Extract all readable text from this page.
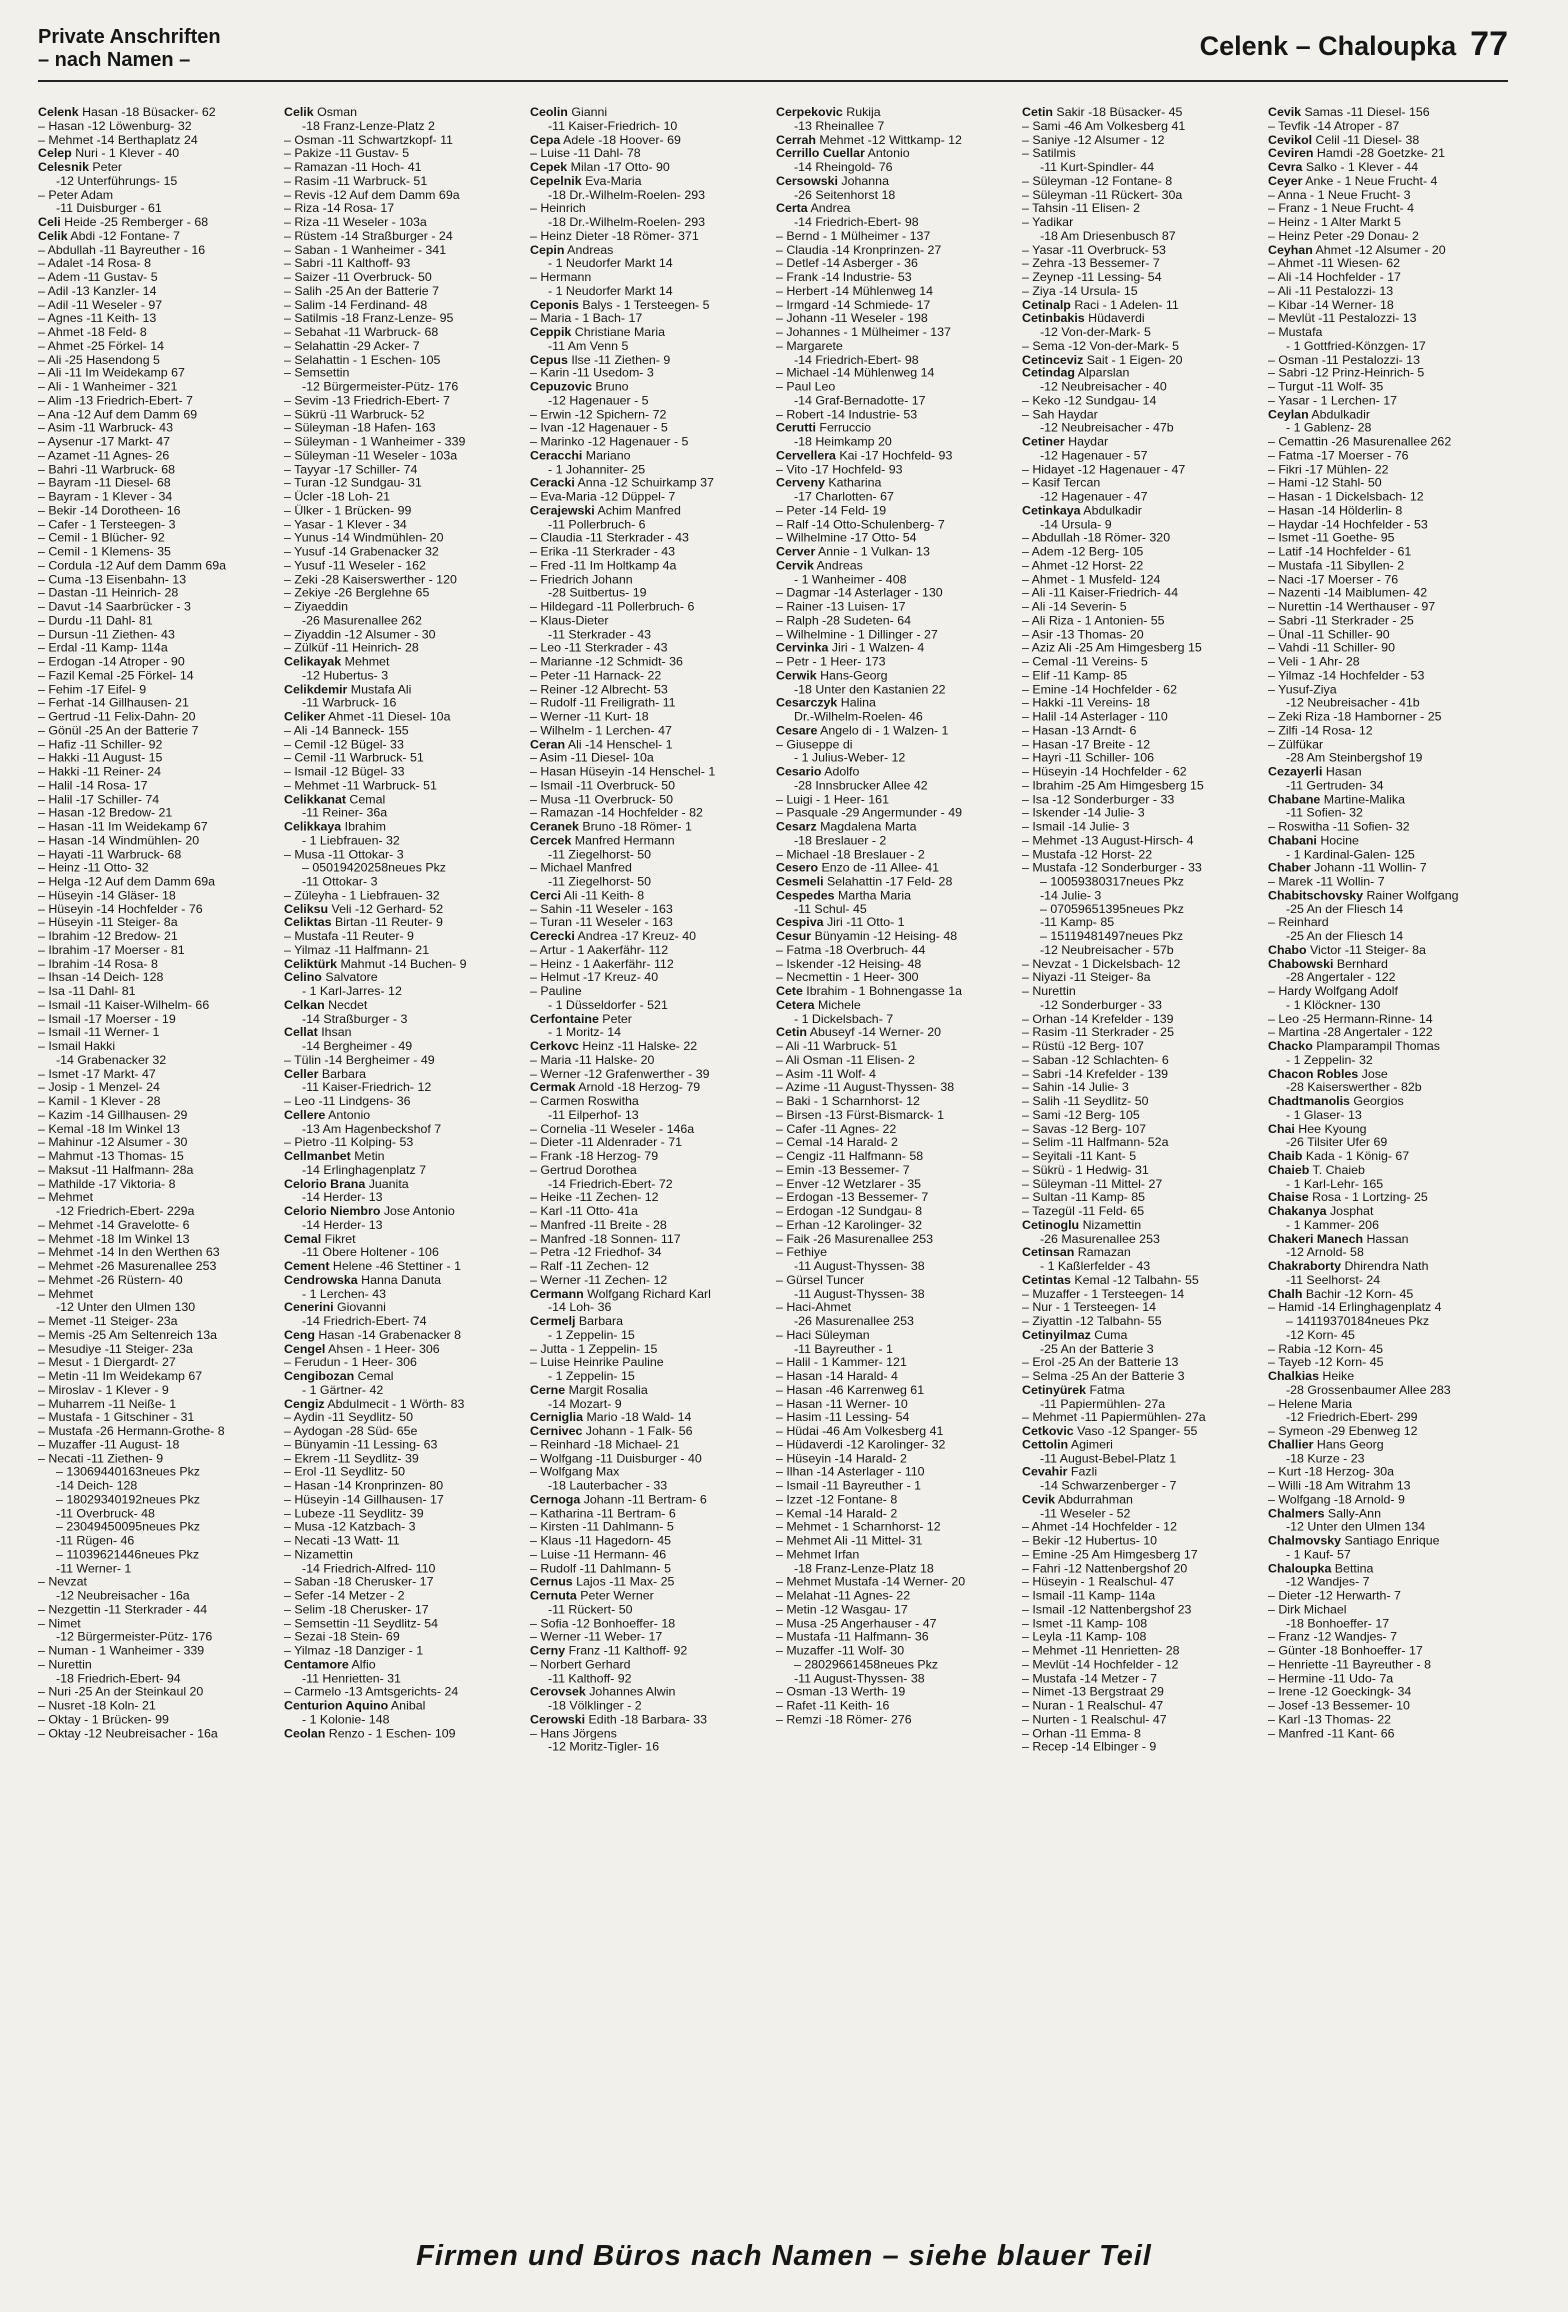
Private Anschriften
– nach Namen –	Celenk – Chaloupka 77
Celenk Hasan -18 Büsacker- 62
– Hasan -12 Löwenburg- 32
– Mehmet -14 Berthaplatz 24
Celep Nuri - 1 Klever - 40
Celesnik Peter
-12 Unterführungs- 15
– Peter Adam
-11 Duisburger - 61
Celi Heide -25 Remberger - 68
Celik Abdi -12 Fontane- 7
– Abdullah -11 Bayreuther - 16
– Adalet -14 Rosa- 8
– Adem -11 Gustav- 5
– Adil -13 Kanzler- 14
– Adil -11 Weseler - 97
– Agnes -11 Keith- 13
– Ahmet -18 Feld- 8
– Ahmet -25 Förkel- 14
– Ali -25 Hasendong 5
– Ali -11 Im Weidekamp 67
– Ali - 1 Wanheimer - 321
– Alim -13 Friedrich-Ebert- 7
– Ana -12 Auf dem Damm 69
– Asim -11 Warbruck- 43
– Aysenur -17 Markt- 47
– Azamet -11 Agnes- 26
– Bahri -11 Warbruck- 68
– Bayram -11 Diesel- 68
– Bayram - 1 Klever - 34
– Bekir -14 Dorotheen- 16
– Cafer - 1 Tersteegen- 3
– Cemil - 1 Blücher- 92
– Cemil - 1 Klemens- 35
– Cordula -12 Auf dem Damm 69a
– Cuma -13 Eisenbahn- 13
– Dastan -11 Heinrich- 28
– Davut -14 Saarbrücker - 3
– Durdu -11 Dahl- 81
– Dursun -11 Ziethen- 43
– Erdal -11 Kamp- 114a
– Erdogan -14 Atroper - 90
– Fazil Kemal -25 Förkel- 14
– Fehim -17 Eifel- 9
– Ferhat -14 Gillhausen- 21
– Gertrud -11 Felix-Dahn- 20
– Gönül -25 An der Batterie 7
– Hafiz -11 Schiller- 92
– Hakki -11 August- 15
– Hakki -11 Reiner- 24
– Halil -14 Rosa- 17
– Halil -17 Schiller- 74
– Hasan -12 Bredow- 21
– Hasan -11 Im Weidekamp 67
– Hasan -14 Windmühlen- 20
– Hayati -11 Warbruck- 68
– Heinz -11 Otto- 32
– Helga -12 Auf dem Damm 69a
– Hüseyin -14 Gläser- 18
– Hüseyin -14 Hochfelder - 76
– Hüseyin -11 Steiger- 8a
– Ibrahim -12 Bredow- 21
– Ibrahim -17 Moerser - 81
– Ibrahim -14 Rosa- 8
– Ihsan -14 Deich- 128
– Isa -11 Dahl- 81
– Ismail -11 Kaiser-Wilhelm- 66
– Ismail -17 Moerser - 19
– Ismail -11 Werner- 1
– Ismail Hakki
-14 Grabenacker 32
– Ismet -17 Markt- 47
– Josip - 1 Menzel- 24
– Kamil - 1 Klever - 28
– Kazim -14 Gillhausen- 29
– Kemal -18 Im Winkel 13
– Mahinur -12 Alsumer - 30
– Mahmut -13 Thomas- 15
– Maksut -11 Halfmann- 28a
– Mathilde -17 Viktoria- 8
– Mehmet
-12 Friedrich-Ebert- 229a
– Mehmet -14 Gravelotte- 6
– Mehmet -18 Im Winkel 13
– Mehmet -14 In den Werthen 63
– Mehmet -26 Masurenallee 253
– Mehmet -26 Rüstern- 40
– Mehmet
-12 Unter den Ulmen 130
– Memet -11 Steiger- 23a
– Memis -25 Am Seltenreich 13a
– Mesudiye -11 Steiger- 23a
– Mesut - 1 Diergardt- 27
– Metin -11 Im Weidekamp 67
– Miroslav - 1 Klever - 9
– Muharrem -11 Neiße- 1
– Mustafa - 1 Gitschiner - 31
– Mustafa -26 Hermann-Grothe- 8
– Muzaffer -11 August- 18
– Necati -11 Ziethen- 9
– 13069440163neues Pkz
-14 Deich- 128
– 18029340192neues Pkz
-11 Overbruck- 48
– 23049450095neues Pkz
-11 Rügen- 46
– 11039621446neues Pkz
-11 Werner- 1
– Nevzat
-12 Neubreisacher - 16a
– Nezgettin -11 Sterkrader - 44
– Nimet
-12 Bürgermeister-Pütz- 176
– Numan - 1 Wanheimer - 339
– Nurettin
-18 Friedrich-Ebert- 94
– Nuri -25 An der Steinkaul 20
– Nusret -18 Koln- 21
– Oktay - 1 Brücken- 99
– Oktay -12 Neubreisacher - 16a
Celik Osman
-18 Franz-Lenze-Platz 2
– Osman -11 Schwartzkopf- 11
– Pakize -11 Gustav- 5
– Ramazan -11 Hoch- 41
– Rasim -11 Warbruck- 51
– Revis -12 Auf dem Damm 69a
– Riza -14 Rosa- 17
– Riza -11 Weseler - 103a
– Rüstem -14 Straßburger - 24
– Saban - 1 Wanheimer - 341
– Sabri -11 Kalthoff- 93
– Saizer -11 Overbruck- 50
– Salih -25 An der Batterie 7
– Salim -14 Ferdinand- 48
– Satilmis -18 Franz-Lenze- 95
– Sebahat -11 Warbruck- 68
– Selahattin -29 Acker- 7
– Selahattin - 1 Eschen- 105
– Semsettin
-12 Bürgermeister-Pütz- 176
– Sevim -13 Friedrich-Ebert- 7
– Sükrü -11 Warbruck- 52
– Süleyman -18 Hafen- 163
– Süleyman - 1 Wanheimer - 339
– Süleyman -11 Weseler - 103a
– Tayyar -17 Schiller- 74
– Turan -12 Sundgau- 31
– Ücler -18 Loh- 21
– Ülker - 1 Brücken- 99
– Yasar - 1 Klever - 34
– Yunus -14 Windmühlen- 20
– Yusuf -14 Grabenacker 32
– Yusuf -11 Weseler - 162
– Zeki -28 Kaiserswerther - 120
– Zekiye -26 Berglehne 65
– Ziyaeddin
-26 Masurenallee 262
– Ziyaddin -12 Alsumer - 30
– Zülküf -11 Heinrich- 28
Celikayak Mehmet
-12 Hubertus- 3
Celikdemir Mustafa Ali
-11 Warbruck- 16
Celiker Ahmet -11 Diesel- 10a
– Ali -14 Banneck- 155
– Cemil -12 Bügel- 33
– Cemil -11 Warbruck- 51
– Ismail -12 Bügel- 33
– Mehmet -11 Warbruck- 51
Celikkanat Cemal
-11 Reiner- 36a
Celikkaya Ibrahim
- 1 Liebfrauen- 32
– Musa -11 Ottokar- 3
– 05019420258neues Pkz
-11 Ottokar- 3
– Züleyha - 1 Liebfrauen- 32
Celiksu Veli -12 Gerhard- 52
Celiktas Birtan -11 Reuter- 9
– Mustafa -11 Reuter- 9
– Yilmaz -11 Halfmann- 21
Celiktürk Mahmut -14 Buchen- 9
Celino Salvatore
- 1 Karl-Jarres- 12
Celkan Necdet
-14 Straßburger - 3
Cellat Ihsan
-14 Bergheimer - 49
– Tülin -14 Bergheimer - 49
Celler Barbara
-11 Kaiser-Friedrich- 12
– Leo -11 Lindgens- 36
Cellere Antonio
-13 Am Hagenbeckshof 7
– Pietro -11 Kolping- 53
Cellmanbet Metin
-14 Erlinghagenplatz 7
Celorio Brana Juanita
-14 Herder- 13
Celorio Niembro Jose Antonio
-14 Herder- 13
Cemal Fikret
-11 Obere Holtener - 106
Cement Helene -46 Stettiner - 1
Cendrowska Hanna Danuta
- 1 Lerchen- 43
Cenerini Giovanni
-14 Friedrich-Ebert- 74
Ceng Hasan -14 Grabenacker 8
Cengel Ahsen - 1 Heer- 306
– Ferudun - 1 Heer- 306
Cengibozan Cemal
- 1 Gärtner- 42
Cengiz Abdulmecit - 1 Wörth- 83
– Aydin -11 Seydlitz- 50
– Aydogan -28 Süd- 65e
– Bünyamin -11 Lessing- 63
– Ekrem -11 Seydlitz- 39
– Erol -11 Seydlitz- 50
– Hasan -14 Kronprinzen- 80
– Hüseyin -14 Gillhausen- 17
– Lubeze -11 Seydlitz- 39
– Musa -12 Katzbach- 3
– Necati -13 Watt- 11
– Nizamettin
-14 Friedrich-Alfred- 110
– Saban -18 Cherusker- 17
– Sefer -14 Metzer - 2
– Selim -18 Cherusker- 17
– Semsettin -11 Seydlitz- 54
– Sezai -18 Stein- 69
– Yilmaz -18 Danziger - 1
Centamore Alfio
-11 Henrietten- 31
– Carmelo -13 Amtsgerichts- 24
Centurion Aquino Anibal
- 1 Kolonie- 148
Ceolan Renzo - 1 Eschen- 109
Ceolin Gianni
-11 Kaiser-Friedrich- 10
Cepa Adele -18 Hoover- 69
– Luise -11 Dahl- 78
Cepek Milan -17 Otto- 90
Cepelnik Eva-Maria
-18 Dr.-Wilhelm-Roelen- 293
– Heinrich
-18 Dr.-Wilhelm-Roelen- 293
– Heinz Dieter -18 Römer- 371
Cepin Andreas
- 1 Neudorfer Markt 14
– Hermann
- 1 Neudorfer Markt 14
Ceponis Balys - 1 Tersteegen- 5
– Maria - 1 Bach- 17
Ceppik Christiane Maria
-11 Am Venn 5
Cepus Ilse -11 Ziethen- 9
– Karin -11 Usedom- 3
Cepuzovic Bruno
-12 Hagenauer - 5
– Erwin -12 Spichern- 72
– Ivan -12 Hagenauer - 5
– Marinko -12 Hagenauer - 5
Ceracchi Mariano
- 1 Johanniter- 25
Ceracki Anna -12 Schuirkamp 37
– Eva-Maria -12 Düppel- 7
Cerajewski Achim Manfred
-11 Pollerbruch- 6
– Claudia -11 Sterkrader - 43
– Erika -11 Sterkrader - 43
– Fred -11 Im Holtkamp 4a
– Friedrich Johann
-28 Suitbertus- 19
– Hildegard -11 Pollerbruch- 6
– Klaus-Dieter
-11 Sterkrader - 43
– Leo -11 Sterkrader - 43
– Marianne -12 Schmidt- 36
– Peter -11 Harnack- 22
– Reiner -12 Albrecht- 53
– Rudolf -11 Freiligrath- 11
– Werner -11 Kurt- 18
– Wilhelm - 1 Lerchen- 47
Ceran Ali -14 Henschel- 1
– Asim -11 Diesel- 10a
– Hasan Hüseyin -14 Henschel- 1
– Ismail -11 Overbruck- 50
– Musa -11 Overbruck- 50
– Ramazan -14 Hochfelder - 82
Ceranek Bruno -18 Römer- 1
Cercek Manfred Hermann
-11 Ziegelhorst- 50
– Michael Manfred
-11 Ziegelhorst- 50
Cerci Ali -11 Keith- 8
– Sahin -11 Weseler - 163
– Turan -11 Weseler - 163
Cerecki Andrea -17 Kreuz- 40
– Artur - 1 Aakerfähr- 112
– Heinz - 1 Aakerfähr- 112
– Helmut -17 Kreuz- 40
– Pauline
- 1 Düsseldorfer - 521
Cerfontaine Peter
- 1 Moritz- 14
Cerkovc Heinz -11 Halske- 22
– Maria -11 Halske- 20
– Werner -12 Grafenwerther - 39
Cermak Arnold -18 Herzog- 79
– Carmen Roswitha
-11 Eilperhof- 13
– Cornelia -11 Weseler - 146a
– Dieter -11 Aldenrader - 71
– Frank -18 Herzog- 79
– Gertrud Dorothea
-14 Friedrich-Ebert- 72
– Heike -11 Zechen- 12
– Karl -11 Otto- 41a
– Manfred -11 Breite - 28
– Manfred -18 Sonnen- 117
– Petra -12 Friedhof- 34
– Ralf -11 Zechen- 12
– Werner -11 Zechen- 12
Cermann Wolfgang Richard Karl
-14 Loh- 36
Cermelj Barbara
- 1 Zeppelin- 15
– Jutta - 1 Zeppelin- 15
– Luise Heinrike Pauline
- 1 Zeppelin- 15
Cerne Margit Rosalia
-14 Mozart- 9
Cerniglia Mario -18 Wald- 14
Cernivec Johann - 1 Falk- 56
– Reinhard -18 Michael- 21
– Wolfgang -11 Duisburger - 40
– Wolfgang Max
-18 Lauterbacher - 33
Cernoga Johann -11 Bertram- 6
– Katharina -11 Bertram- 6
– Kirsten -11 Dahlmann- 5
– Klaus -11 Hagedorn- 45
– Luise -11 Hermann- 46
– Rudolf -11 Dahlmann- 5
Cernus Lajos -11 Max- 25
Cernuta Peter Werner
-11 Rückert- 50
– Sofia -12 Bonhoeffer- 18
– Werner -11 Weber- 17
Cerny Franz -11 Kalthoff- 92
– Norbert Gerhard
-11 Kalthoff- 92
Cerovsek Johannes Alwin
-18 Völklinger - 2
Cerowski Edith -18 Barbara- 33
– Hans Jörgens
-12 Moritz-Tigler- 16
Cerpekovic Rukija
-13 Rheinallee 7
Cerrah Mehmet -12 Wittkamp- 12
Cerrillo Cuellar Antonio
-14 Rheingold- 76
Cersowski Johanna
-26 Seitenhorst 18
Certa Andrea
-14 Friedrich-Ebert- 98
– Bernd - 1 Mülheimer - 137
– Claudia -14 Kronprinzen- 27
– Detlef -14 Asberger - 36
– Frank -14 Industrie- 53
– Herbert -14 Mühlenweg 14
– Irmgard -14 Schmiede- 17
– Johann -11 Weseler - 198
– Johannes - 1 Mülheimer - 137
– Margarete
-14 Friedrich-Ebert- 98
– Michael -14 Mühlenweg 14
– Paul Leo
-14 Graf-Bernadotte- 17
– Robert -14 Industrie- 53
Cerutti Ferruccio
-18 Heimkamp 20
Cervellera Kai -17 Hochfeld- 93
– Vito -17 Hochfeld- 93
Cerveny Katharina
-17 Charlotten- 67
– Peter -14 Feld- 19
– Ralf -14 Otto-Schulenberg- 7
– Wilhelmine -17 Otto- 54
Cerver Annie - 1 Vulkan- 13
Cervik Andreas
- 1 Wanheimer - 408
– Dagmar -14 Asterlager - 130
– Rainer -13 Luisen- 17
– Ralph -28 Sudeten- 64
– Wilhelmine - 1 Dillinger - 27
Cervinka Jiri - 1 Walzen- 4
– Petr - 1 Heer- 173
Cerwik Hans-Georg
-18 Unter den Kastanien 22
Cesarczyk Halina
Dr.-Wilhelm-Roelen- 46
Cesare Angelo di - 1 Walzen- 1
– Giuseppe di
- 1 Julius-Weber- 12
Cesario Adolfo
-28 Innsbrucker Allee 42
– Luigi - 1 Heer- 161
– Pasquale -29 Angermunder - 49
Cesarz Magdalena Marta
-18 Breslauer - 2
– Michael -18 Breslauer - 2
Cesero Enzo de -11 Allee- 41
Cesmeli Selahattin -17 Feld- 28
Cespedes Martha Maria
-11 Schul- 45
Cespiva Jiri -11 Otto- 1
Cesur Bünyamin -12 Heising- 48
– Fatma -18 Overbruch- 44
– Iskender -12 Heising- 48
– Necmettin - 1 Heer- 300
Cete Ibrahim - 1 Bohnengasse 1a
Cetera Michele
- 1 Dickelsbach- 7
Cetin Abuseyf -14 Werner- 20
– Ali -11 Warbruck- 51
– Ali Osman -11 Elisen- 2
– Asim -11 Wolf- 4
– Azime -11 August-Thyssen- 38
– Baki - 1 Scharnhorst- 12
– Birsen -13 Fürst-Bismarck- 1
– Cafer -11 Agnes- 22
– Cemal -14 Harald- 2
– Cengiz -11 Halfmann- 58
– Emin -13 Bessemer- 7
– Enver -12 Wetzlarer - 35
– Erdogan -13 Bessemer- 7
– Erdogan -12 Sundgau- 8
– Erhan -12 Karolinger- 32
– Faik -26 Masurenallee 253
– Fethiye
-11 August-Thyssen- 38
– Gürsel Tuncer
-11 August-Thyssen- 38
– Haci-Ahmet
-26 Masurenallee 253
– Haci Süleyman
-11 Bayreuther - 1
– Halil - 1 Kammer- 121
– Hasan -14 Harald- 4
– Hasan -46 Karrenweg 61
– Hasan -11 Werner- 10
– Hasim -11 Lessing- 54
– Hüdai -46 Am Volkesberg 41
– Hüdaverdi -12 Karolinger- 32
– Hüseyin -14 Harald- 2
– Ilhan -14 Asterlager - 110
– Ismail -11 Bayreuther - 1
– Izzet -12 Fontane- 8
– Kemal -14 Harald- 2
– Mehmet - 1 Scharnhorst- 12
– Mehmet Ali -11 Mittel- 31
– Mehmet Irfan
-18 Franz-Lenze-Platz 18
– Mehmet Mustafa -14 Werner- 20
– Melahat -11 Agnes- 22
– Metin -12 Wasgau- 17
– Musa -25 Angerhauser - 47
– Mustafa -11 Halfmann- 36
– Muzaffer -11 Wolf- 30
– 28029661458neues Pkz
-11 August-Thyssen- 38
– Osman -13 Werth- 19
– Rafet -11 Keith- 16
– Remzi -18 Römer- 276
Cetin Sakir -18 Büsacker- 45
– Sami -46 Am Volkesberg 41
– Saniye -12 Alsumer - 12
– Satilmis
-11 Kurt-Spindler- 44
– Süleyman -12 Fontane- 8
– Süleyman -11 Rückert- 30a
– Tahsin -11 Elisen- 2
– Yadikar
-18 Am Driesenbusch 87
– Yasar -11 Overbruck- 53
– Zehra -13 Bessemer- 7
– Zeynep -11 Lessing- 54
– Ziya -14 Ursula- 15
Cetinalp Raci - 1 Adelen- 11
Cetinbakis Hüdaverdi
-12 Von-der-Mark- 5
– Sema -12 Von-der-Mark- 5
Cetinceviz Sait - 1 Eigen- 20
Cetindag Alparslan
-12 Neubreisacher - 40
– Keko -12 Sundgau- 14
– Sah Haydar
-12 Neubreisacher - 47b
Cetiner Haydar
-12 Hagenauer - 57
– Hidayet -12 Hagenauer - 47
– Kasif Tercan
-12 Hagenauer - 47
Cetinkaya Abdulkadir
-14 Ursula- 9
– Abdullah -18 Römer- 320
– Adem -12 Berg- 105
– Ahmet -12 Horst- 22
– Ahmet - 1 Musfeld- 124
– Ali -11 Kaiser-Friedrich- 44
– Ali -14 Severin- 5
– Ali Riza - 1 Antonien- 55
– Asir -13 Thomas- 20
– Aziz Ali -25 Am Himgesberg 15
– Cemal -11 Vereins- 5
– Elif -11 Kamp- 85
– Emine -14 Hochfelder - 62
– Hakki -11 Vereins- 18
– Halil -14 Asterlager - 110
– Hasan -13 Arndt- 6
– Hasan -17 Breite - 12
– Hayri -11 Schiller- 106
– Hüseyin -14 Hochfelder - 62
– Ibrahim -25 Am Himgesberg 15
– Isa -12 Sonderburger - 33
– Iskender -14 Julie- 3
– Ismail -14 Julie- 3
– Mehmet -13 August-Hirsch- 4
– Mustafa -12 Horst- 22
– Mustafa -12 Sonderburger - 33
– 10059380317neues Pkz
-14 Julie- 3
– 07059651395neues Pkz
-11 Kamp- 85
– 15119481497neues Pkz
-12 Neubreisacher - 57b
– Nevzat - 1 Dickelsbach- 12
– Niyazi -11 Steiger- 8a
– Nurettin
-12 Sonderburger - 33
– Orhan -14 Krefelder - 139
– Rasim -11 Sterkrader - 25
– Rüstü -12 Berg- 107
– Saban -12 Schlachten- 6
– Sabri -14 Krefelder - 139
– Sahin -14 Julie- 3
– Salih -11 Seydlitz- 50
– Sami -12 Berg- 105
– Savas -12 Berg- 107
– Selim -11 Halfmann- 52a
– Seyitali -11 Kant- 5
– Sükrü - 1 Hedwig- 31
– Süleyman -11 Mittel- 27
– Sultan -11 Kamp- 85
– Tazegül -11 Feld- 65
Cetinoglu Nizamettin
-26 Masurenallee 253
Cetinsan Ramazan
- 1 Kaßlerfelder - 43
Cetintas Kemal -12 Talbahn- 55
– Muzaffer - 1 Tersteegen- 14
– Nur - 1 Tersteegen- 14
– Ziyattin -12 Talbahn- 55
Cetinyilmaz Cuma
-25 An der Batterie 3
– Erol -25 An der Batterie 13
– Selma -25 An der Batterie 3
Cetinyürek Fatma
-11 Papiermühlen- 27a
– Mehmet -11 Papiermühlen- 27a
Cetkovic Vaso -12 Spanger- 55
Cettolin Agimeri
-11 August-Bebel-Platz 1
Cevahir Fazli
-14 Schwarzenberger - 7
Cevik Abdurrahman
-11 Weseler - 52
– Ahmet -14 Hochfelder - 12
– Bekir -12 Hubertus- 10
– Emine -25 Am Himgesberg 17
– Fahri -12 Nattenbergshof 20
– Hüseyin - 1 Realschul- 47
– Ismail -11 Kamp- 114a
– Ismail -12 Nattenbergshof 23
– Ismet -11 Kamp- 108
– Leyla -11 Kamp- 108
– Mehmet -11 Henrietten- 28
– Mevlüt -14 Hochfelder - 12
– Mustafa -14 Metzer - 7
– Nimet -13 Bergstraat 29
– Nuran - 1 Realschul- 47
– Nurten - 1 Realschul- 47
– Orhan -11 Emma- 8
– Recep -14 Elbinger - 9
Cevik Samas -11 Diesel- 156
– Tevfik -14 Atroper - 87
Cevikol Celil -11 Diesel- 38
Ceviren Hamdi -28 Goetzke- 21
Cevra Salko - 1 Klever - 44
Ceyer Anke - 1 Neue Frucht- 4
– Anna - 1 Neue Frucht- 3
– Franz - 1 Neue Frucht- 4
– Heinz - 1 Alter Markt 5
– Heinz Peter -29 Donau- 2
Ceyhan Ahmet -12 Alsumer - 20
– Ahmet -11 Wiesen- 62
– Ali -14 Hochfelder - 17
– Ali -11 Pestalozzi- 13
– Kibar -14 Werner- 18
– Mevlüt -11 Pestalozzi- 13
– Mustafa
- 1 Gottfried-Könzgen- 17
– Osman -11 Pestalozzi- 13
– Sabri -12 Prinz-Heinrich- 5
– Turgut -11 Wolf- 35
– Yasar - 1 Lerchen- 17
Ceylan Abdulkadir
- 1 Gablenz- 28
– Cemattin -26 Masurenallee 262
– Fatma -17 Moerser - 76
– Fikri -17 Mühlen- 22
– Hami -12 Stahl- 50
– Hasan - 1 Dickelsbach- 12
– Hasan -14 Hölderlin- 8
– Haydar -14 Hochfelder - 53
– Ismet -11 Goethe- 95
– Latif -14 Hochfelder - 61
– Mustafa -11 Sibyllen- 2
– Naci -17 Moerser - 76
– Nazenti -14 Maiblumen- 42
– Nurettin -14 Werthauser - 97
– Sabri -11 Sterkrader - 25
– Ünal -11 Schiller- 90
– Vahdi -11 Schiller- 90
– Veli - 1 Ahr- 28
– Yilmaz -14 Hochfelder - 53
– Yusuf-Ziya
-12 Neubreisacher - 41b
– Zeki Riza -18 Hamborner - 25
– Zilfi -14 Rosa- 12
– Zülfükar
-28 Am Steinbergshof 19
Cezayerli Hasan
-11 Gertruden- 34
Chabane Martine-Malika
-11 Sofien- 32
– Roswitha -11 Sofien- 32
Chabani Hocine
- 1 Kardinal-Galen- 125
Chaber Johann -11 Wollin- 7
– Marek -11 Wollin- 7
Chabitschovsky Rainer Wolfgang
-25 An der Fliesch 14
– Reinhard
-25 An der Fliesch 14
Chabo Victor -11 Steiger- 8a
Chabowski Bernhard
-28 Angertaler - 122
– Hardy Wolfgang Adolf
- 1 Klöckner- 130
– Leo -25 Hermann-Rinne- 14
– Martina -28 Angertaler - 122
Chacko Plamparampil Thomas
- 1 Zeppelin- 32
Chacon Robles Jose
-28 Kaiserswerther - 82b
Chadtmanolis Georgios
- 1 Glaser- 13
Chai Hee Kyoung
-26 Tilsiter Ufer 69
Chaib Kada - 1 König- 67
Chaieb T. Chaieb
- 1 Karl-Lehr- 165
Chaise Rosa - 1 Lortzing- 25
Chakanya Josphat
- 1 Kammer- 206
Chakeri Manech Hassan
-12 Arnold- 58
Chakraborty Dhirendra Nath
-11 Seelhorst- 24
Chalh Bachir -12 Korn- 45
– Hamid -14 Erlinghagenplatz 4
– 14119370184neues Pkz
-12 Korn- 45
– Rabia -12 Korn- 45
– Tayeb -12 Korn- 45
Chalkias Heike
-28 Grossenbaumer Allee 283
– Helene Maria
-12 Friedrich-Ebert- 299
– Symeon -29 Ebenweg 12
Challier Hans Georg
-18 Kurze - 23
– Kurt -18 Herzog- 30a
– Willi -18 Am Witrahm 13
– Wolfgang -18 Arnold- 9
Chalmers Sally-Ann
-12 Unter den Ulmen 134
Chalmovsky Santiago Enrique
- 1 Kauf- 57
Chaloupka Bettina
-12 Wandjes- 7
– Dieter -12 Herwarth- 7
– Dirk Michael
-18 Bonhoeffer- 17
– Franz -12 Wandjes- 7
– Günter -18 Bonhoeffer- 17
– Henriette -11 Bayreuther - 8
– Hermine -11 Udo- 7a
– Irene -12 Goeckingk- 34
– Josef -13 Bessemer- 10
– Karl -13 Thomas- 22
– Manfred -11 Kant- 66
Firmen und Büros nach Namen – siehe blauer Teil
